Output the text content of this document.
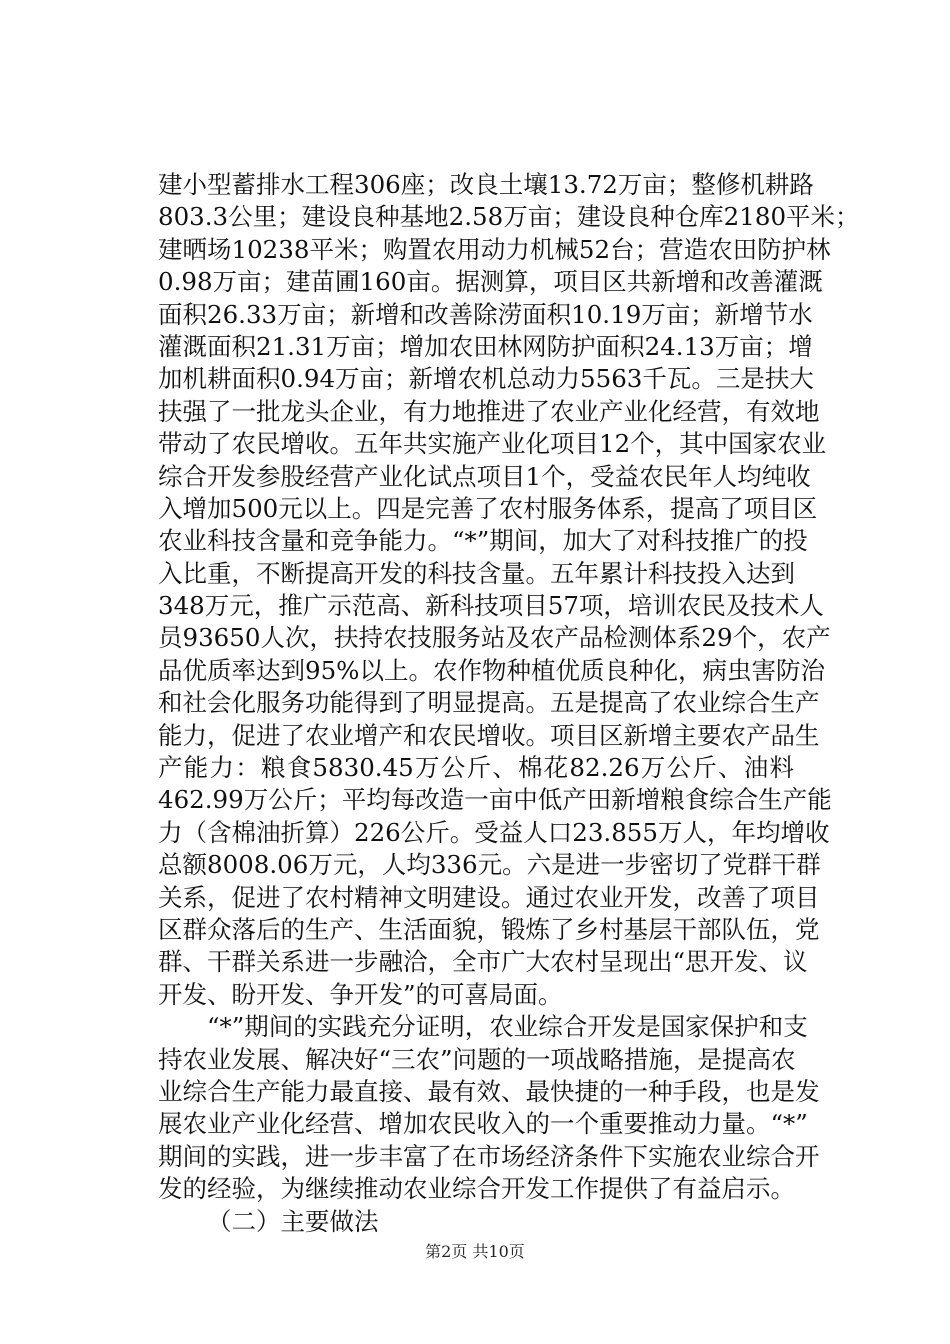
建小型蓄排水工程306座；改良土壤13.72万亩；整修机耕路
803.3公里；建设良种基地2.58万亩；建设良种仓库2180平米；
建晒场10238平米；购置农用动力机械52台；营造农田防护林
0.98万亩；建苗圃160亩。据测算，项目区共新增和改善灌溉
面积26.33万亩；新增和改善除涝面积10.19万亩；新增节水
灌溉面积21.31万亩；增加农田林网防护面积24.13万亩；增
加机耕面积0.94万亩；新增农机总动力5563千瓦。三是扶大
扶强了一批龙头企业，有力地推进了农业产业化经营，有效地
带动了农民增收。五年共实施产业化项目12个，其中国家农业
综合开发参股经营产业化试点项目1个，受益农民年人均纯收
入增加500元以上。四是完善了农村服务体系，提高了项目区
农业科技含量和竞争能力。“*”期间，加大了对科技推广的投
入比重，不断提高开发的科技含量。五年累计科技投入达到
348万元，推广示范高、新科技项目57项，培训农民及技术人
员93650人次，扶持农技服务站及农产品检测体系29个，农产
品优质率达到95%以上。农作物种植优质良种化，病虫害防治
和社会化服务功能得到了明显提高。五是提高了农业综合生产
能力，促进了农业增产和农民增收。项目区新增主要农产品生
产能力：粮食5830.45万公斤、棉花82.26万公斤、油料
462.99万公斤；平均每改造一亩中低产田新增粮食综合生产能
力（含棉油折算）226公斤。受益人口23.855万人，年均增收
总额8008.06万元，人均336元。六是进一步密切了党群干群
关系，促进了农村精神文明建设。通过农业开发，改善了项目
区群众落后的生产、生活面貌，锻炼了乡村基层干部队伍，党
群、干群关系进一步融洽，全市广大农村呈现出“思开发、议
开发、盼开发、争开发”的可喜局面。
“*”期间的实践充分证明，农业综合开发是国家保护和支
持农业发展、解决好“三农”问题的一项战略措施，是提高农
业综合生产能力最直接、最有效、最快捷的一种手段，也是发
展农业产业化经营、增加农民收入的一个重要推动力量。“*”
期间的实践，进一步丰富了在市场经济条件下实施农业综合开
发的经验，为继续推动农业综合开发工作提供了有益启示。
（二）主要做法
第2页 共10页
